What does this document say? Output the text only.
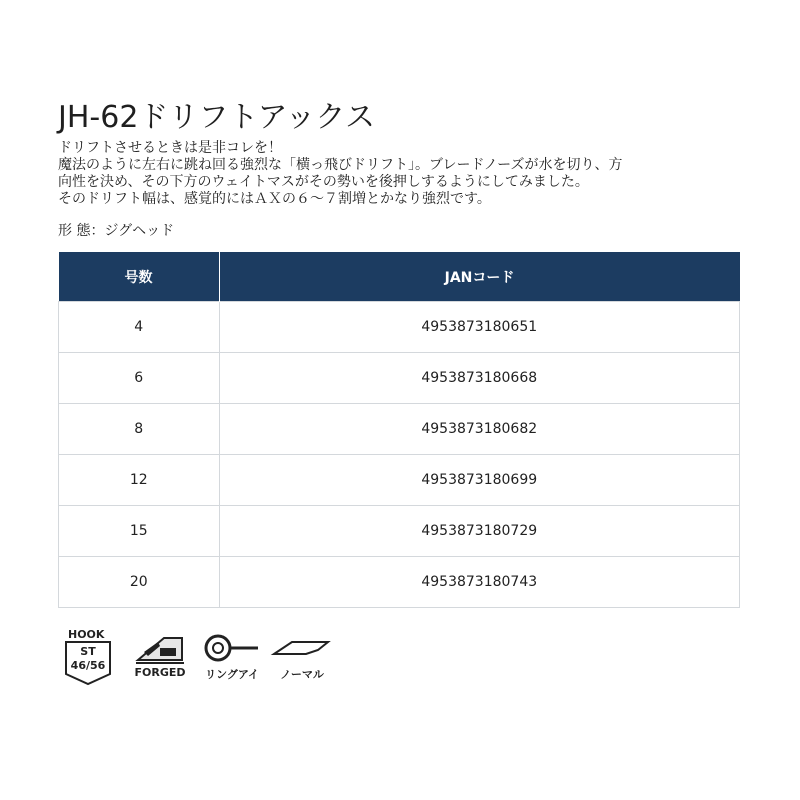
JH-62ドリフトアックス
ドリフトさせるときは是非コレを！
魔法のように左右に跳ね回る強烈な「横っ飛びドリフト」。ブレードノーズが水を切り、方
向性を決め、その下方のウェイトマスがその勢いを後押しするようにしてみました。
そのドリフト幅は、感覚的にはＡＸの６～７割増とかなり強烈です。
形 態：ジグヘッド
号数	JANコード
4	4953873180651
6	4953873180668
8	4953873180682
12	4953873180699
15	4953873180729
20	4953873180743
HOOK
ST
46/56
FORGED	リングアイ	ノーマル
